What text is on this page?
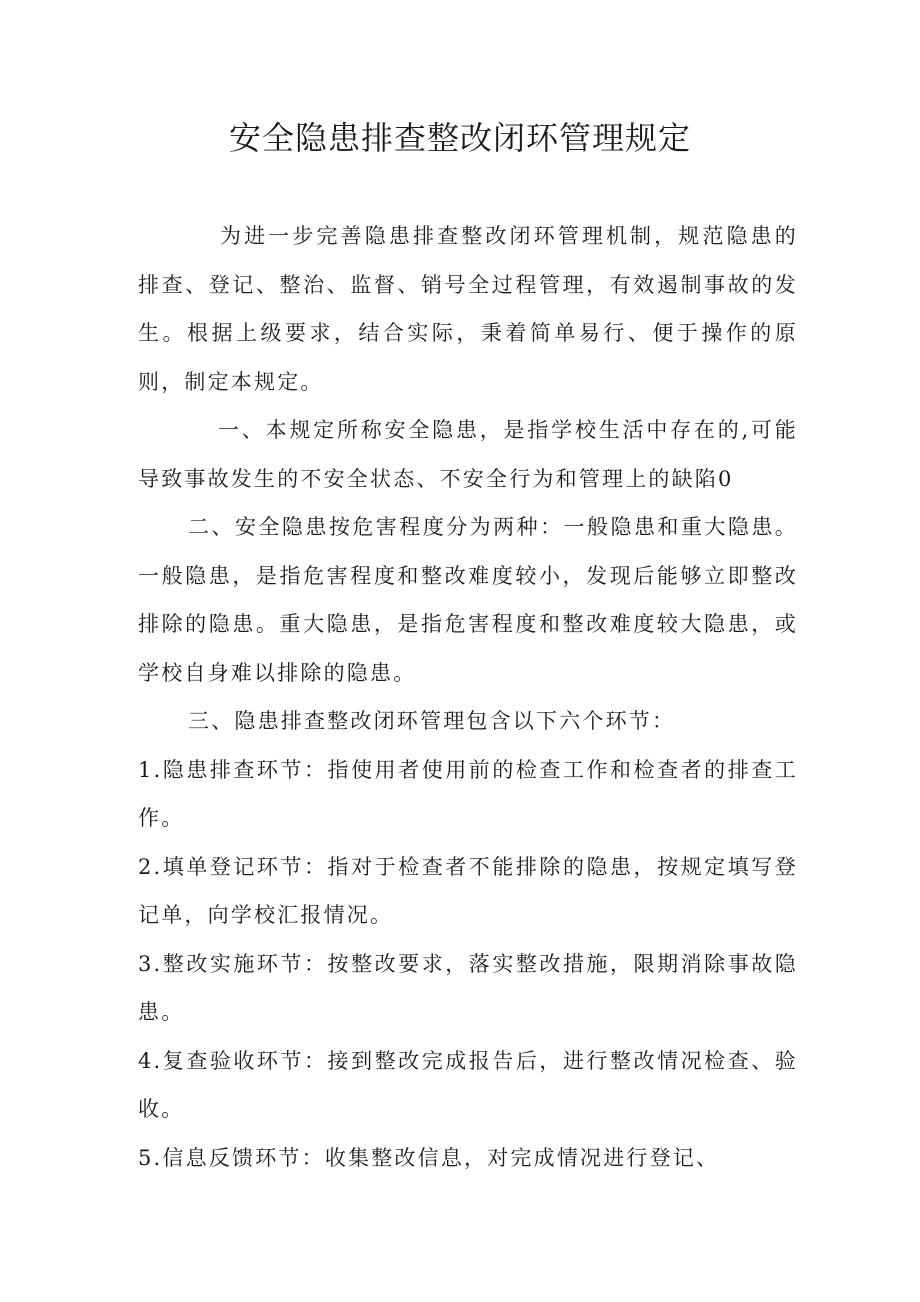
安全隐患排查整改闭环管理规定

为进一步完善隐患排查整改闭环管理机制，规范隐患的排查、登记、整治、监督、销号全过程管理，有效遏制事故的发生。根据上级要求，结合实际，秉着简单易行、便于操作的原则，制定本规定。

一、本规定所称安全隐患，是指学校生活中存在的,可能导致事故发生的不安全状态、不安全行为和管理上的缺陷0

二、安全隐患按危害程度分为两种：一般隐患和重大隐患。一般隐患，是指危害程度和整改难度较小，发现后能够立即整改排除的隐患。重大隐患，是指危害程度和整改难度较大隐患，或学校自身难以排除的隐患。

三、隐患排查整改闭环管理包含以下六个环节：

1.隐患排查环节：指使用者使用前的检查工作和检查者的排查工作。

2.填单登记环节：指对于检查者不能排除的隐患，按规定填写登记单，向学校汇报情况。

3.整改实施环节：按整改要求，落实整改措施，限期消除事故隐患。

4.复查验收环节：接到整改完成报告后，进行整改情况检查、验收。

5.信息反馈环节：收集整改信息，对完成情况进行登记、
